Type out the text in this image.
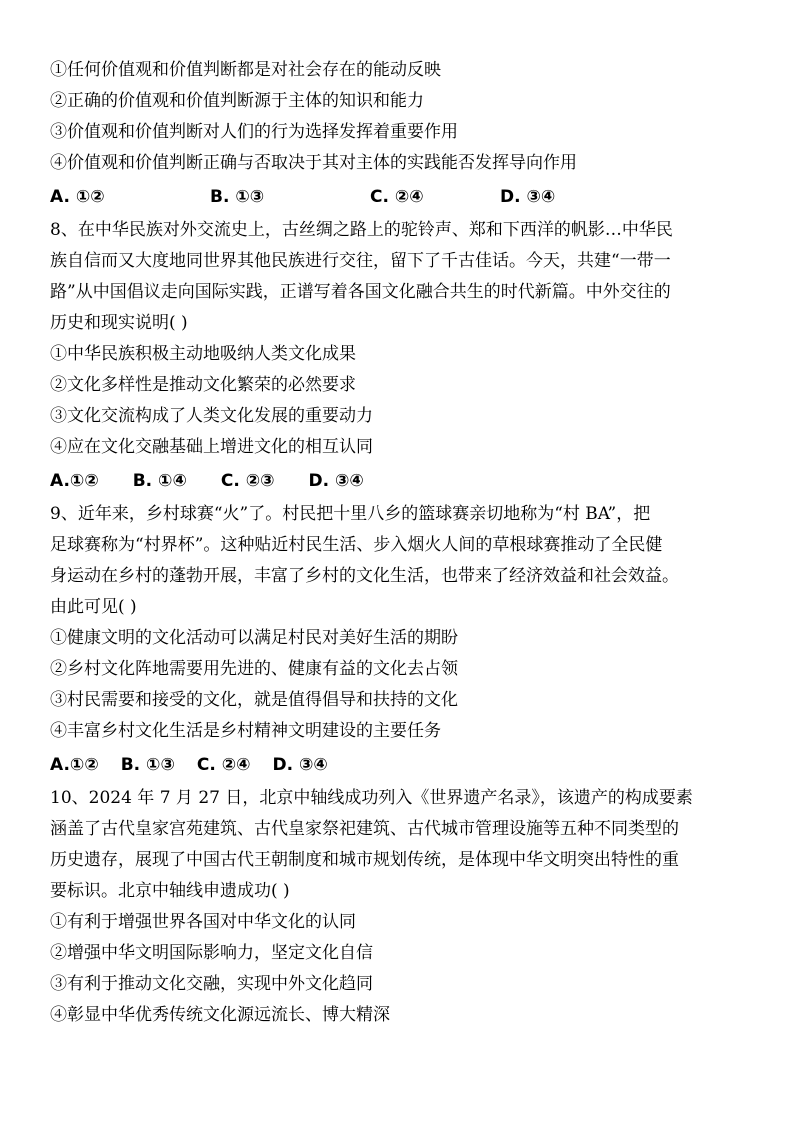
①任何价值观和价值判断都是对社会存在的能动反映
②正确的价值观和价值判断源于主体的知识和能力
③价值观和价值判断对人们的行为选择发挥着重要作用
④价值观和价值判断正确与否取决于其对主体的实践能否发挥导向作用
A. ①②	B. ①③	C. ②④	D. ③④
8、在中华民族对外交流史上，古丝绸之路上的驼铃声、郑和下西洋的帆影…中华民
族自信而又大度地同世界其他民族进行交往，留下了千古佳话。今天，共建“一带一
路”从中国倡议走向国际实践，正谱写着各国文化融合共生的时代新篇。中外交往的
历史和现实说明( )
①中华民族积极主动地吸纳人类文化成果
②文化多样性是推动文化繁荣的必然要求
③文化交流构成了人类文化发展的重要动力
④应在文化交融基础上增进文化的相互认同
A.①② B. ①④ C. ②③ D. ③④
9、近年来，乡村球赛“火”了。村民把十里八乡的篮球赛亲切地称为“村 BA”，把
足球赛称为“村界杯”。这种贴近村民生活、步入烟火人间的草根球赛推动了全民健
身运动在乡村的蓬勃开展，丰富了乡村的文化生活，也带来了经济效益和社会效益。
由此可见( )
①健康文明的文化活动可以满足村民对美好生活的期盼
②乡村文化阵地需要用先进的、健康有益的文化去占领
③村民需要和接受的文化，就是值得倡导和扶持的文化
④丰富乡村文化生活是乡村精神文明建设的主要任务
A.①② B. ①③ C. ②④ D. ③④
10、2024 年 7 月 27 日，北京中轴线成功列入《世界遗产名录》，该遗产的构成要素
涵盖了古代皇家宫苑建筑、古代皇家祭祀建筑、古代城市管理设施等五种不同类型的
历史遗存，展现了中国古代王朝制度和城市规划传统，是体现中华文明突出特性的重
要标识。北京中轴线申遗成功( )
①有利于增强世界各国对中华文化的认同
②增强中华文明国际影响力，坚定文化自信
③有利于推动文化交融，实现中外文化趋同
④彰显中华优秀传统文化源远流长、博大精深
